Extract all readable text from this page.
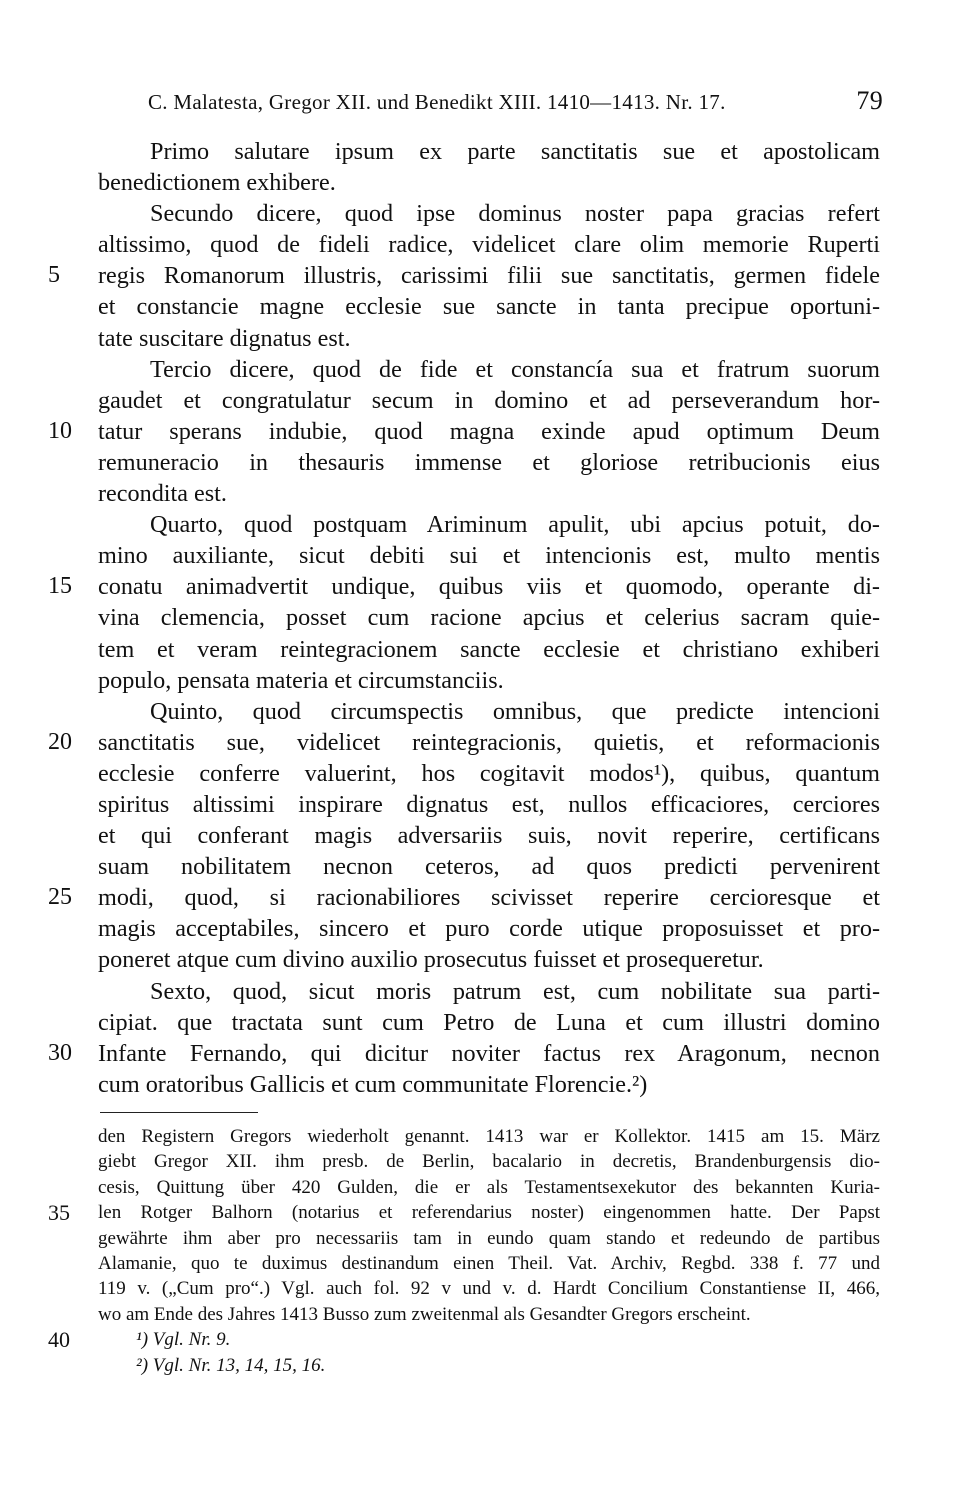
C. Malatesta, Gregor XII. und Benedikt XIII. 1410—1413. Nr. 17.	79
Primo salutare ipsum ex parte sanctitatis sue et apostolicam
benedictionem exhibere.
Secundo dicere, quod ipse dominus noster papa gracias refert
altissimo, quod de fideli radice, videlicet clare olim memorie Ruperti
5 regis Romanorum illustris, carissimi filii sue sanctitatis, germen fidele
et constancie magne ecclesie sue sancte in tanta precipue oportuni-
tate suscitare dignatus est.
Tercio dicere, quod de fide et constancía sua et fratrum suorum
gaudet et congratulatur secum in domino et ad perseverandum hor-
10 tatur sperans indubie, quod magna exinde apud optimum Deum
remuneracio in thesauris immense et gloriose retribucionis eius
recondita est.
Quarto, quod postquam Ariminum apulit, ubi apcius potuit, do-
mino auxiliante, sicut debiti sui et intencionis est, multo mentis
15 conatu animadvertit undique, quibus viis et quomodo, operante di-
vina clemencia, posset cum racione apcius et celerius sacram quie-
tem et veram reintegracionem sancte ecclesie et christiano exhiberi
populo, pensata materia et circumstanciis.
Quinto, quod circumspectis omnibus, que predicte intencioni
20 sanctitatis sue, videlicet reintegracionis, quietis, et reformacionis
ecclesie conferre valuerint, hos cogitavit modos¹), quibus, quantum
spiritus altissimi inspirare dignatus est, nullos efficaciores, cerciores
et qui conferant magis adversariis suis, novit reperire, certificans
suam nobilitatem necnon ceteros, ad quos predicti pervenirent
25 modi, quod, si racionabiliores scivisset reperire cercioresque et
magis acceptabiles, sincero et puro corde utique proposuisset et pro-
poneret atque cum divino auxilio prosecutus fuisset et prosequeretur.
Sexto, quod, sicut moris patrum est, cum nobilitate sua parti-
cipiat. que tractata sunt cum Petro de Luna et cum illustri domino
30 Infante Fernando, qui dicitur noviter factus rex Aragonum, necnon
cum oratoribus Gallicis et cum communitate Florencie.²)
den Registern Gregors wiederholt genannt. 1413 war er Kollektor. 1415 am 15. März
giebt Gregor XII. ihm presb. de Berlin, bacalario in decretis, Brandenburgensis dio-
cesis, Quittung über 420 Gulden, die er als Testamentsexekutor des bekannten Kuria-
35 len Rotger Balhorn (notarius et referendarius noster) eingenommen hatte. Der Papst
gewährte ihm aber pro necessariis tam in eundo quam stando et redeundo de partibus
Alamanie, quo te duximus destinandum einen Theil. Vat. Archiv, Regbd. 338 f. 77 und
119 v. („Cum pro“.) Vgl. auch fol. 92 v und v. d. Hardt Concilium Constantiense II, 466,
wo am Ende des Jahres 1413 Busso zum zweitenmal als Gesandter Gregors erscheint.
40	¹) Vgl. Nr. 9.
²) Vgl. Nr. 13, 14, 15, 16.
